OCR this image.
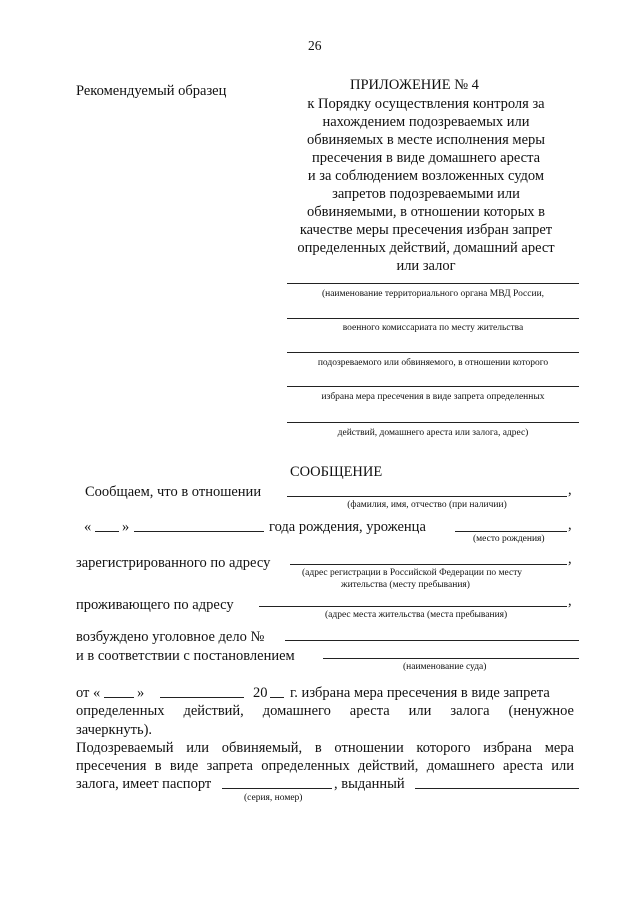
26
Рекомендуемый образец	ПРИЛОЖЕНИЕ № 4
к Порядку осуществления контроля за
нахождением подозреваемых или
обвиняемых в месте исполнения меры
пресечения в виде домашнего ареста
и за соблюдением возложенных судом
запретов подозреваемыми или
обвиняемыми, в отношении которых в
качестве меры пресечения избран запрет
определенных действий, домашний арест
или залог
(наименование территориального органа МВД России,
военного комиссариата по месту жительства
подозреваемого или обвиняемого, в отношении которого
избрана мера пресечения в виде запрета определенных
действий, домашнего ареста или залога, адрес)
СООБЩЕНИЕ
Сообщаем, что в отношении	,
(фамилия, имя, отчество (при наличии)
« »	года рождения, уроженца	,
(место рождения)
зарегистрированного по адресу	,
(адрес регистрации в Российской Федерации по месту
жительства (месту пребывания)
проживающего по адресу	,
(адрес места жительства (места пребывания)
возбуждено уголовное дело №
и в соответствии с постановлением
(наименование суда)
от «	»	20 г. избрана мера пресечения в виде запрета
определенных действий, домашнего ареста или залога (ненужное
зачеркнуть).
Подозреваемый или обвиняемый, в отношении которого избрана мера
пресечения в виде запрета определенных действий, домашнего ареста или
залога, имеет паспорт	, выданный
(серия, номер)
